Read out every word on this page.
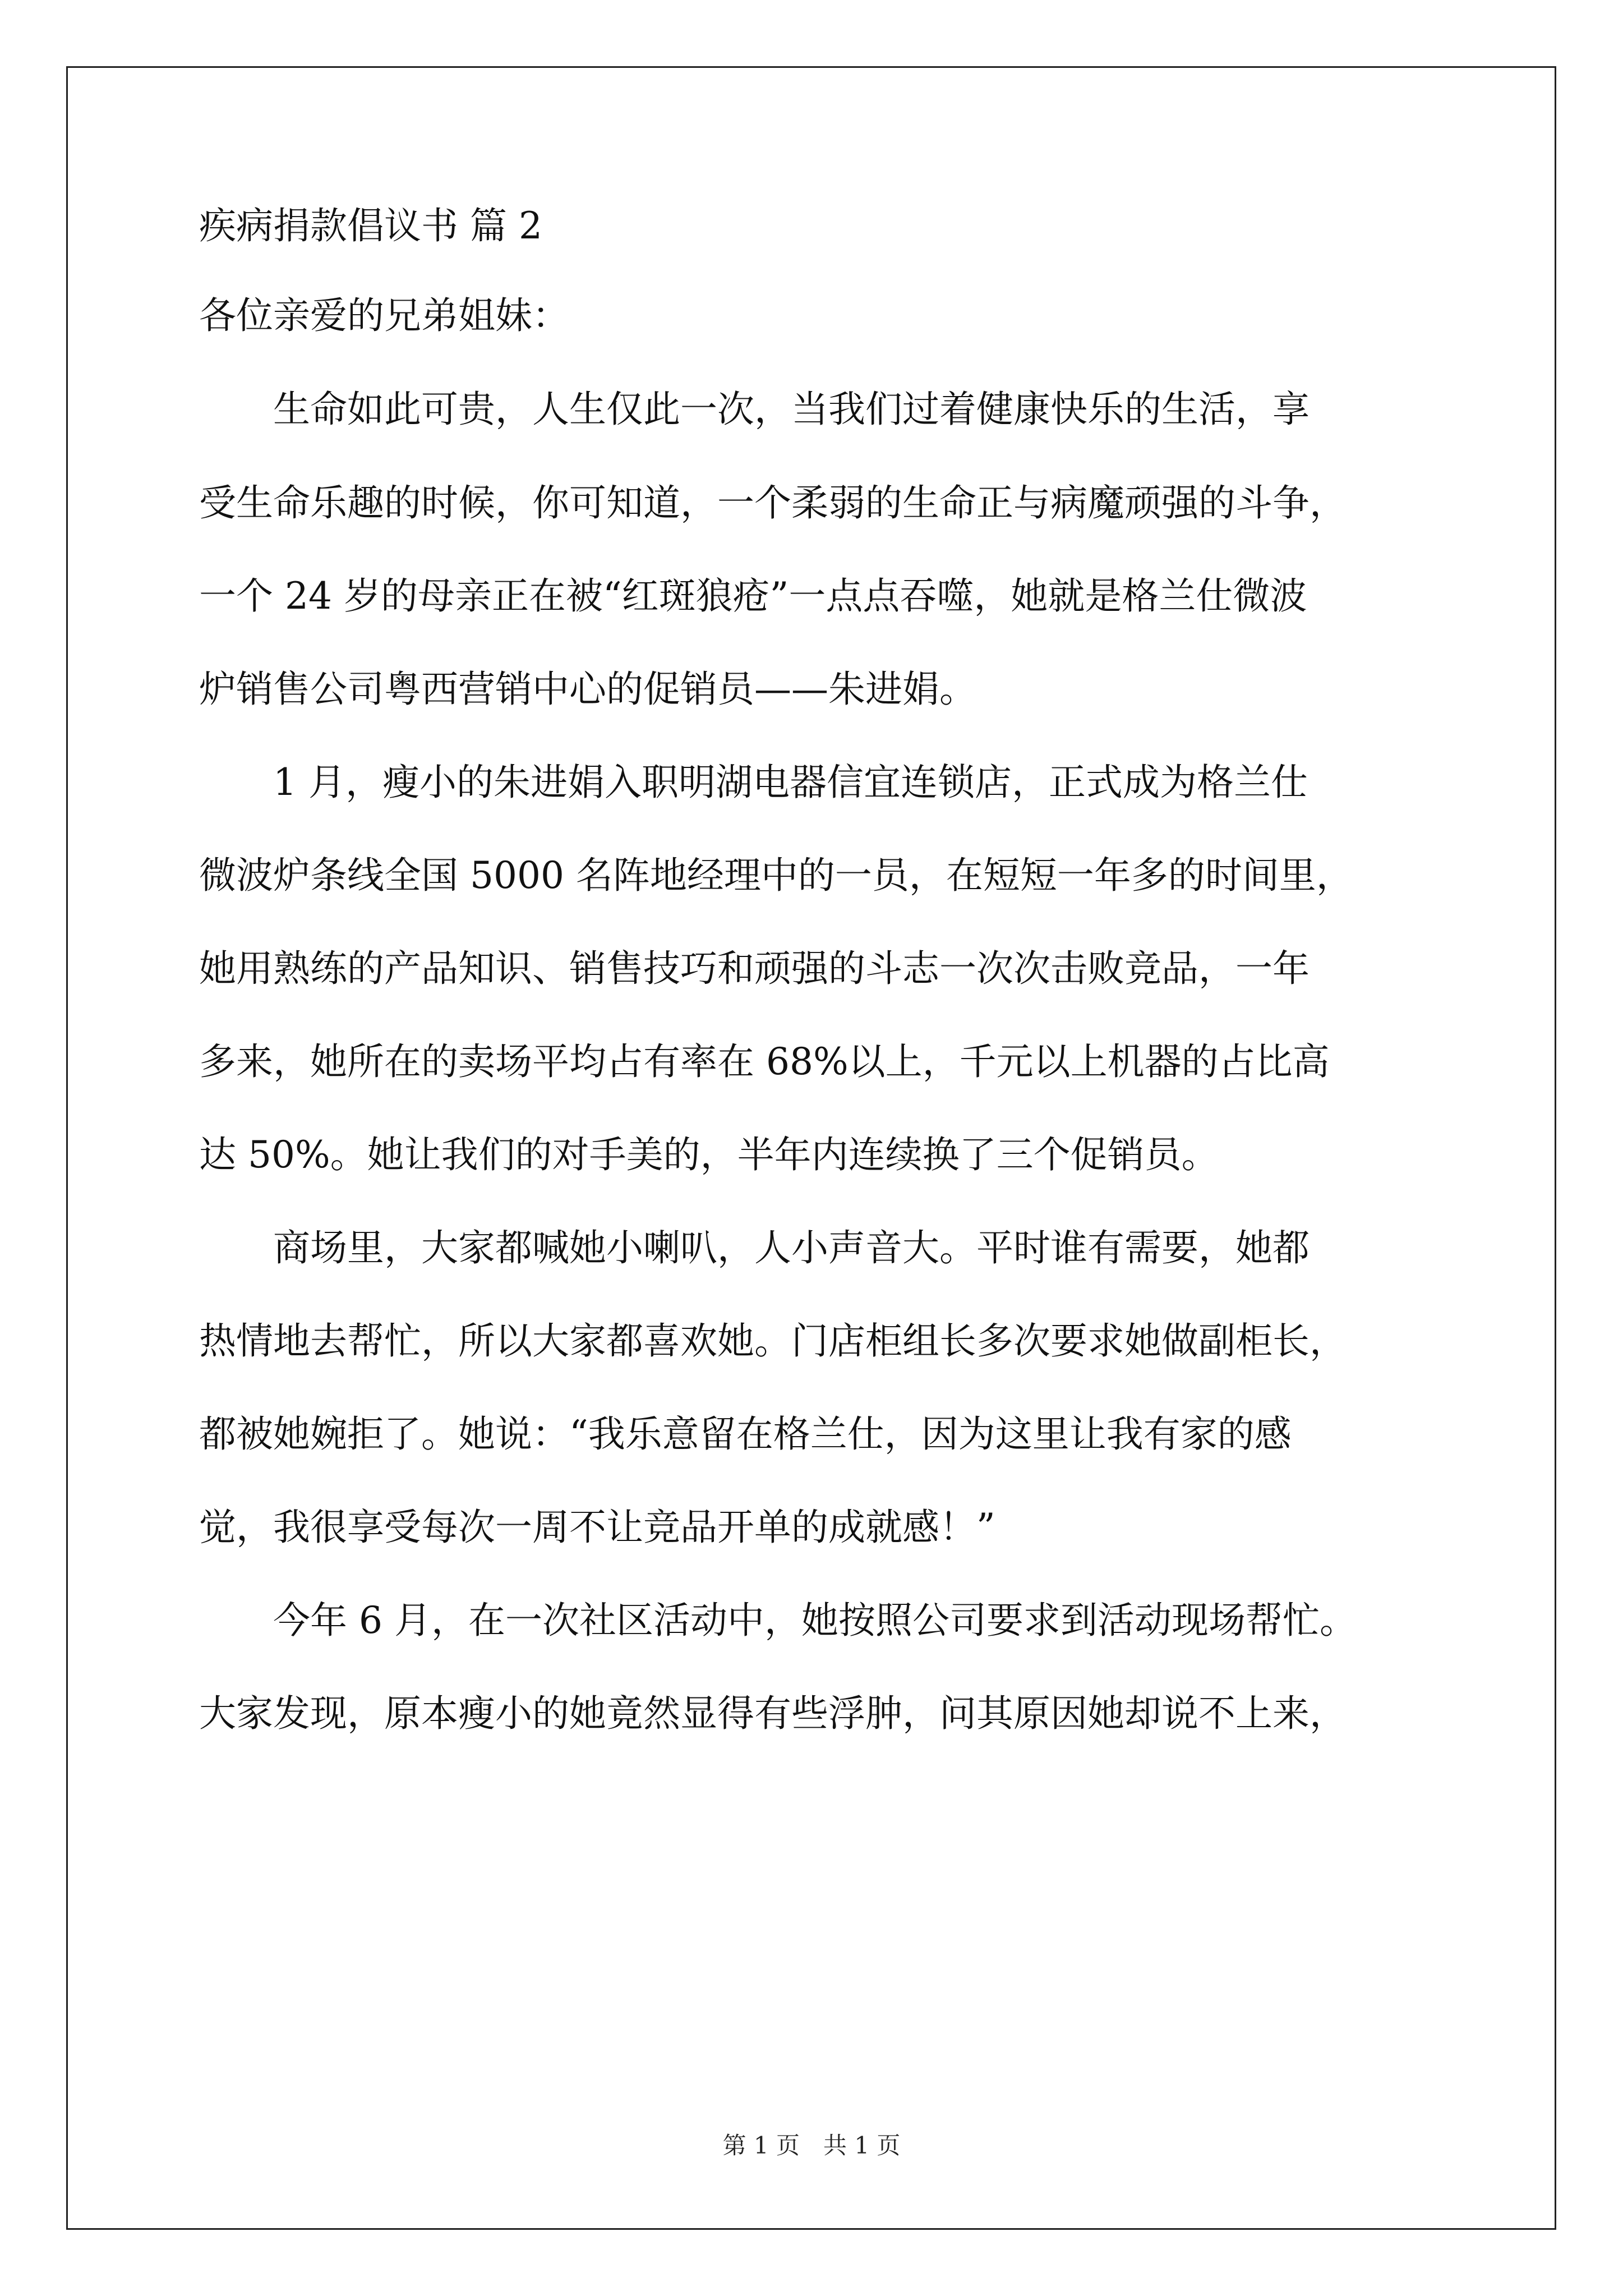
疾病捐款倡议书 篇 2
各位亲爱的兄弟姐妹：
　　生命如此可贵，人生仅此一次，当我们过着健康快乐的生活，享
受生命乐趣的时候，你可知道，一个柔弱的生命正与病魔顽强的斗争，
一个 24 岁的母亲正在被“红斑狼疮”一点点吞噬，她就是格兰仕微波
炉销售公司粤西营销中心的促销员——朱进娟。
　　1 月，瘦小的朱进娟入职明湖电器信宜连锁店，正式成为格兰仕
微波炉条线全国 5000 名阵地经理中的一员，在短短一年多的时间里，
她用熟练的产品知识、销售技巧和顽强的斗志一次次击败竞品，一年
多来，她所在的卖场平均占有率在 68%以上，千元以上机器的占比高
达 50%。她让我们的对手美的，半年内连续换了三个促销员。
　　商场里，大家都喊她小喇叭，人小声音大。平时谁有需要，她都
热情地去帮忙，所以大家都喜欢她。门店柜组长多次要求她做副柜长，
都被她婉拒了。她说：“我乐意留在格兰仕，因为这里让我有家的感
觉，我很享受每次一周不让竞品开单的成就感！”
　　今年 6 月，在一次社区活动中，她按照公司要求到活动现场帮忙。
大家发现，原本瘦小的她竟然显得有些浮肿，问其原因她却说不上来，
第 1 页　共 1 页
